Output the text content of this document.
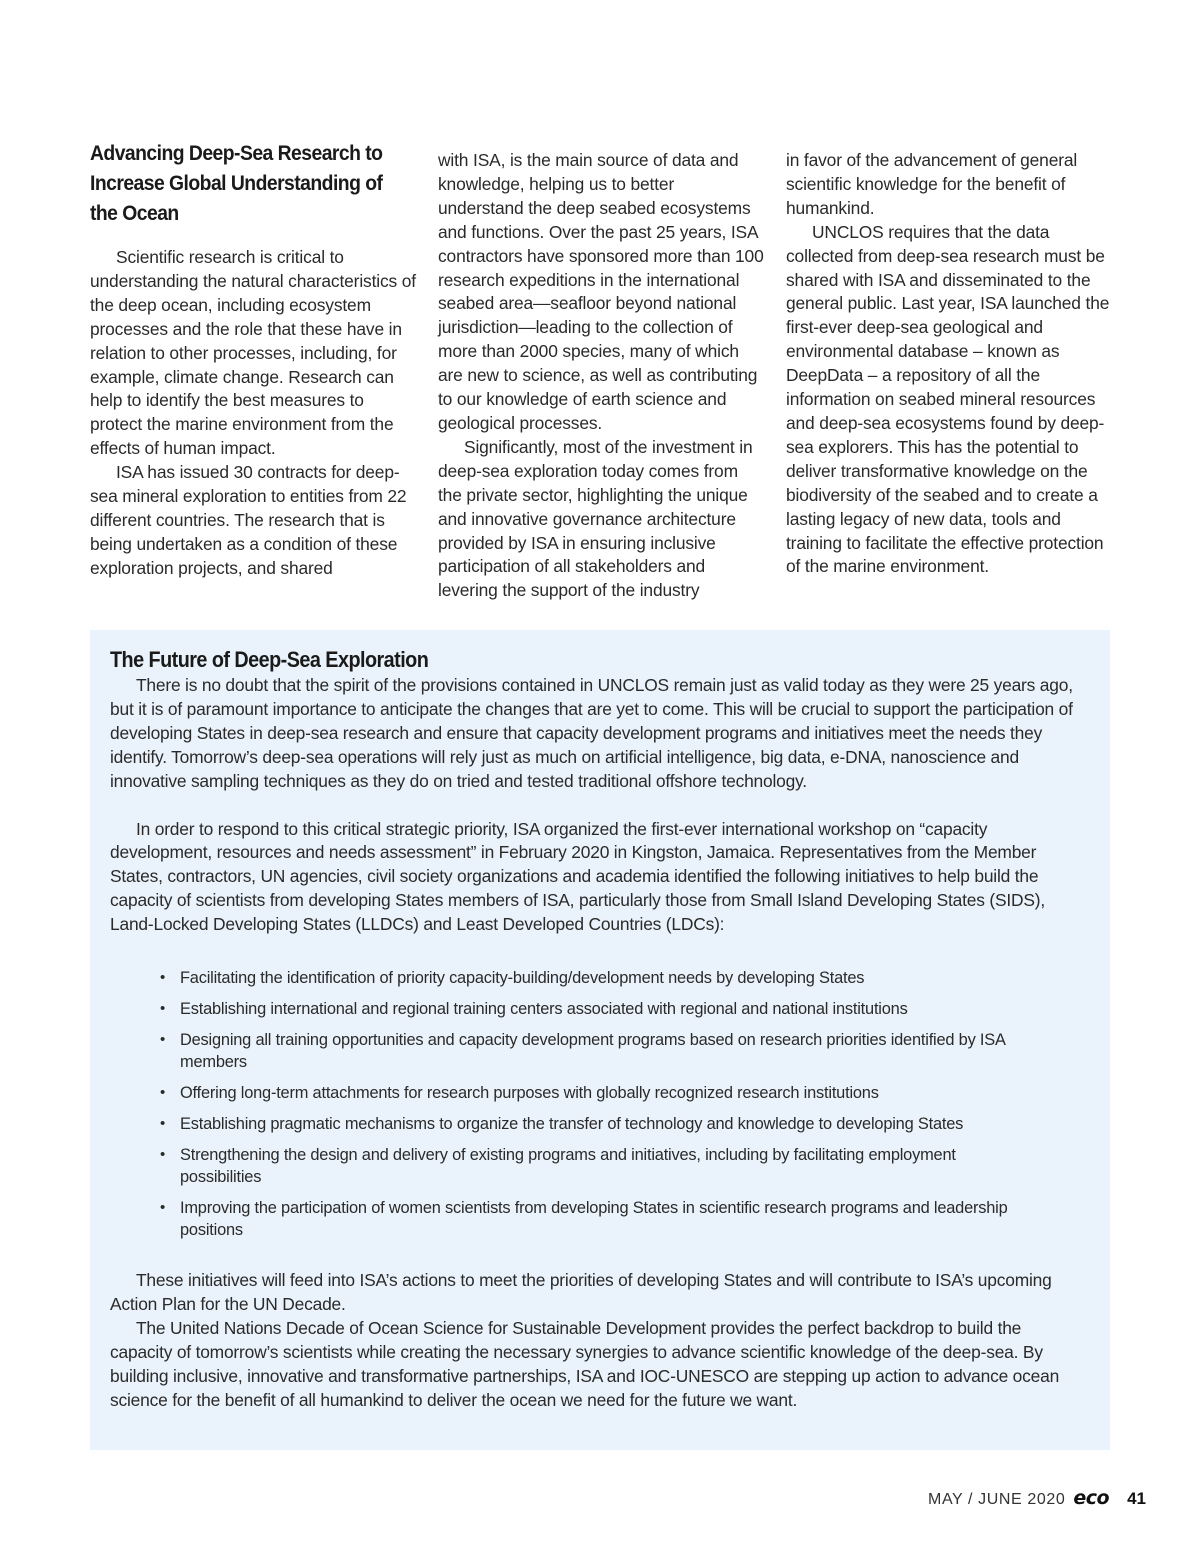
Advancing Deep-Sea Research to Increase Global Understanding of the Ocean

Scientific research is critical to understanding the natural characteristics of the deep ocean, including ecosystem processes and the role that these have in relation to other processes, including, for example, climate change. Research can help to identify the best measures to protect the marine environment from the effects of human impact.

ISA has issued 30 contracts for deep-sea mineral exploration to entities from 22 different countries. The research that is being undertaken as a condition of these exploration projects, and shared

with ISA, is the main source of data and knowledge, helping us to better understand the deep seabed ecosystems and functions. Over the past 25 years, ISA contractors have sponsored more than 100 research expeditions in the international seabed area—seafloor beyond national jurisdiction—leading to the collection of more than 2000 species, many of which are new to science, as well as contributing to our knowledge of earth science and geological processes.

Significantly, most of the investment in deep-sea exploration today comes from the private sector, highlighting the unique and innovative governance architecture provided by ISA in ensuring inclusive participation of all stakeholders and levering the support of the industry

in favor of the advancement of general scientific knowledge for the benefit of humankind.

UNCLOS requires that the data collected from deep-sea research must be shared with ISA and disseminated to the general public. Last year, ISA launched the first-ever deep-sea geological and environmental database – known as DeepData – a repository of all the information on seabed mineral resources and deep-sea ecosystems found by deep-sea explorers. This has the potential to deliver transformative knowledge on the biodiversity of the seabed and to create a lasting legacy of new data, tools and training to facilitate the effective protection of the marine environment.

The Future of Deep-Sea Exploration

There is no doubt that the spirit of the provisions contained in UNCLOS remain just as valid today as they were 25 years ago, but it is of paramount importance to anticipate the changes that are yet to come. This will be crucial to support the participation of developing States in deep-sea research and ensure that capacity development programs and initiatives meet the needs they identify. Tomorrow’s deep-sea operations will rely just as much on artificial intelligence, big data, e-DNA, nanoscience and innovative sampling techniques as they do on tried and tested traditional offshore technology.

In order to respond to this critical strategic priority, ISA organized the first-ever international workshop on “capacity development, resources and needs assessment” in February 2020 in Kingston, Jamaica. Representatives from the Member States, contractors, UN agencies, civil society organizations and academia identified the following initiatives to help build the capacity of scientists from developing States members of ISA, particularly those from Small Island Developing States (SIDS), Land-Locked Developing States (LLDCs) and Least Developed Countries (LDCs):

• Facilitating the identification of priority capacity-building/development needs by developing States
• Establishing international and regional training centers associated with regional and national institutions
• Designing all training opportunities and capacity development programs based on research priorities identified by ISA members
• Offering long-term attachments for research purposes with globally recognized research institutions
• Establishing pragmatic mechanisms to organize the transfer of technology and knowledge to developing States
• Strengthening the design and delivery of existing programs and initiatives, including by facilitating employment possibilities
• Improving the participation of women scientists from developing States in scientific research programs and leadership positions

These initiatives will feed into ISA’s actions to meet the priorities of developing States and will contribute to ISA’s upcoming Action Plan for the UN Decade.

The United Nations Decade of Ocean Science for Sustainable Development provides the perfect backdrop to build the capacity of tomorrow’s scientists while creating the necessary synergies to advance scientific knowledge of the deep-sea. By building inclusive, innovative and transformative partnerships, ISA and IOC-UNESCO are stepping up action to advance ocean science for the benefit of all humankind to deliver the ocean we need for the future we want.

MAY / JUNE 2020 eco 41
